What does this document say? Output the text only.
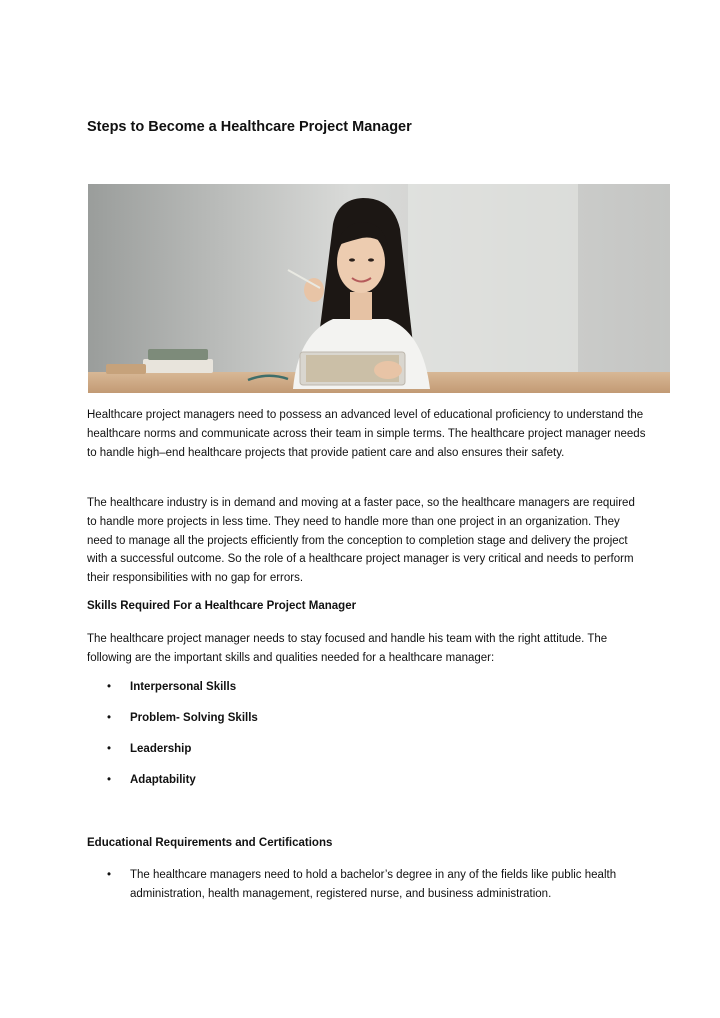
Steps to Become a Healthcare Project Manager

Healthcare project managers need to possess an advanced level of educational proficiency to understand the healthcare norms and communicate across their team in simple terms. The healthcare project manager needs to handle high–end healthcare projects that provide patient care and also ensures their safety.

The healthcare industry is in demand and moving at a faster pace, so the healthcare managers are required to handle more projects in less time. They need to handle more than one project in an organization. They need to manage all the projects efficiently from the conception to completion stage and delivery the project with a successful outcome. So the role of a healthcare project manager is very critical and needs to perform their responsibilities with no gap for errors.

Skills Required For a Healthcare Project Manager

The healthcare project manager needs to stay focused and handle his team with the right attitude. The following are the important skills and qualities needed for a healthcare manager:

• Interpersonal Skills
• Problem- Solving Skills
• Leadership
• Adaptability
Educational Requirements and Certifications
• The healthcare managers need to hold a bachelor’s degree in any of the fields like public health administration, health management, registered nurse, and business administration.
